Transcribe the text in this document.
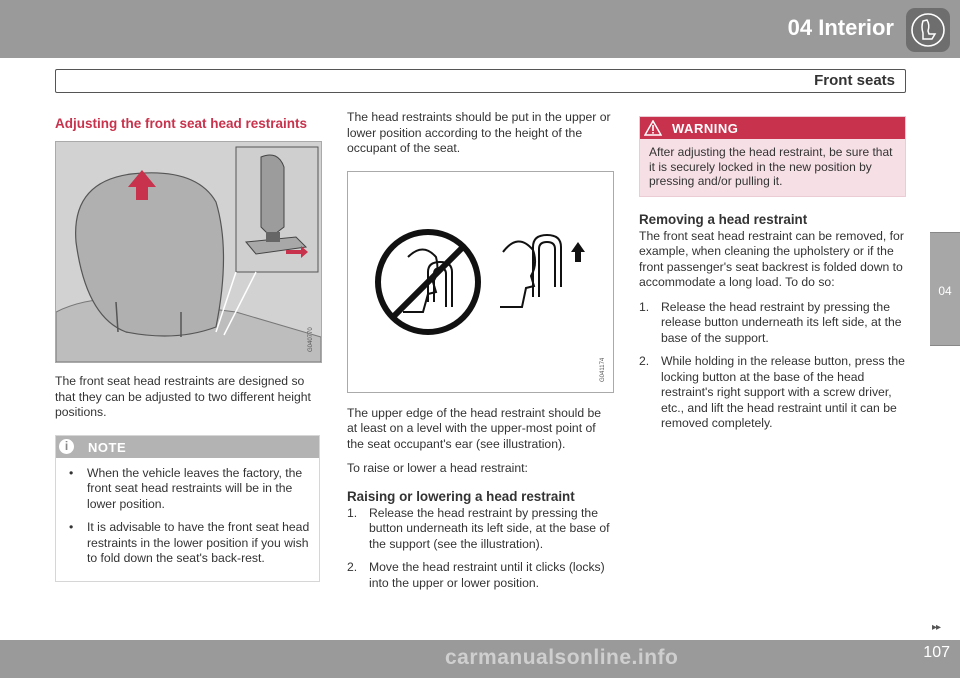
04 Interior
Front seats
04
Adjusting the front seat head restraints
G040770

The front seat head restraints are designed so that they can be adjusted to two different height positions.

i	NOTE
• When the vehicle leaves the factory, the front seat head restraints will be in the lower position.
• It is advisable to have the front seat head restraints in the lower position if you wish to fold down the seat's back-rest.

The head restraints should be put in the upper or lower position according to the height of the occupant of the seat.

G041174

The upper edge of the head restraint should be at least on a level with the upper-most point of the seat occupant's ear (see illustration).

To raise or lower a head restraint:

Raising or lowering a head restraint
1. Release the head restraint by pressing the button underneath its left side, at the base of the support (see the illustration).
2. Move the head restraint until it clicks (locks) into the upper or lower position.
WARNING
After adjusting the head restraint, be sure that it is securely locked in the new position by pressing and/or pulling it.
Removing a head restraint

The front seat head restraint can be removed, for example, when cleaning the upholstery or if the front passenger's seat backrest is folded down to accommodate a long load. To do so:

1. Release the head restraint by pressing the release button underneath its left side, at the base of the support.
2. While holding in the release button, press the locking button at the base of the head restraint's right support with a screw driver, etc., and lift the head restraint until it can be removed completely.
▸▸
107
carmanualsonline.info
